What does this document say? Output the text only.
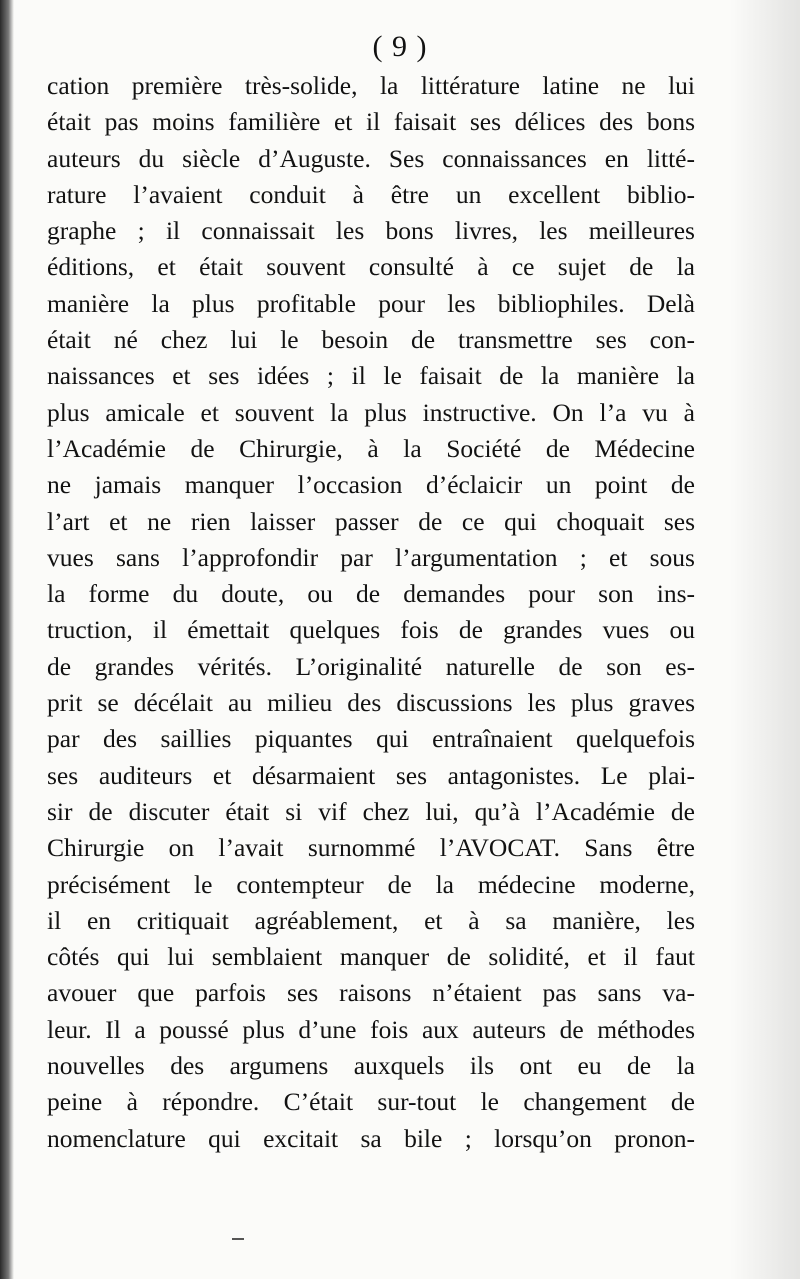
( 9 )
cation première très-solide, la littérature latine ne lui
était pas moins familière et il faisait ses délices des bons
auteurs du siècle d’Auguste. Ses connaissances en litté-
rature l’avaient conduit à être un excellent biblio-
graphe ; il connaissait les bons livres, les meilleures
éditions, et était souvent consulté à ce sujet de la
manière la plus profitable pour les bibliophiles. Delà
était né chez lui le besoin de transmettre ses con-
naissances et ses idées ; il le faisait de la manière la
plus amicale et souvent la plus instructive. On l’a vu à
l’Académie de Chirurgie, à la Société de Médecine
ne jamais manquer l’occasion d’éclaicir un point de
l’art et ne rien laisser passer de ce qui choquait ses
vues sans l’approfondir par l’argumentation ; et sous
la forme du doute, ou de demandes pour son ins-
truction, il émettait quelques fois de grandes vues ou
de grandes vérités. L’originalité naturelle de son es-
prit se décélait au milieu des discussions les plus graves
par des saillies piquantes qui entraînaient quelquefois
ses auditeurs et désarmaient ses antagonistes. Le plai-
sir de discuter était si vif chez lui, qu’à l’Académie de
Chirurgie on l’avait surnommé l’AVOCAT. Sans être
précisément le contempteur de la médecine moderne,
il en critiquait agréablement, et à sa manière, les
côtés qui lui semblaient manquer de solidité, et il faut
avouer que parfois ses raisons n’étaient pas sans va-
leur. Il a poussé plus d’une fois aux auteurs de méthodes
nouvelles des argumens auxquels ils ont eu de la
peine à répondre. C’était sur-tout le changement de
nomenclature qui excitait sa bile ; lorsqu’on pronon-
